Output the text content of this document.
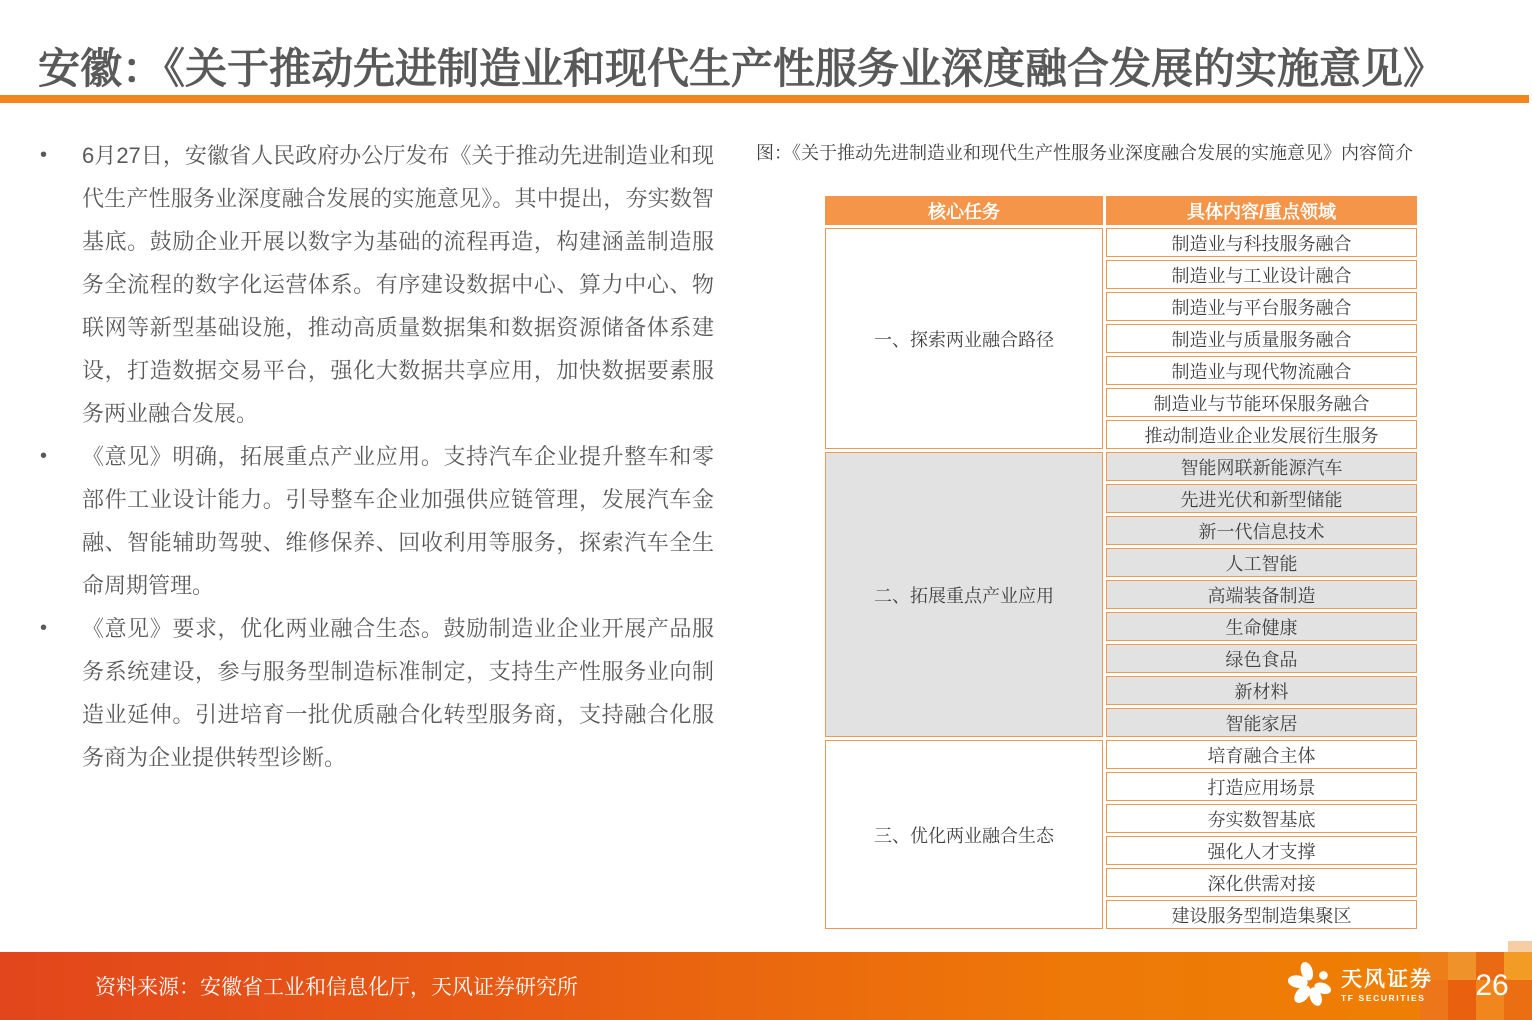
安徽：《关于推动先进制造业和现代生产性服务业深度融合发展的实施意见》
•	6月27日，安徽省人民政府办公厅发布《关于推动先进制造业和现代生产性服务业深度融合发展的实施意见》。其中提出，夯实数智基底。鼓励企业开展以数字为基础的流程再造，构建涵盖制造服务全流程的数字化运营体系。有序建设数据中心、算力中心、物联网等新型基础设施，推动高质量数据集和数据资源储备体系建设，打造数据交易平台，强化大数据共享应用，加快数据要素服务两业融合发展。
•	《意见》明确，拓展重点产业应用。支持汽车企业提升整车和零部件工业设计能力。引导整车企业加强供应链管理，发展汽车金融、智能辅助驾驶、维修保养、回收利用等服务，探索汽车全生命周期管理。
•	《意见》要求，优化两业融合生态。鼓励制造业企业开展产品服务系统建设，参与服务型制造标准制定，支持生产性服务业向制造业延伸。引进培育一批优质融合化转型服务商，支持融合化服务商为企业提供转型诊断。
图：《关于推动先进制造业和现代生产性服务业深度融合发展的实施意见》内容简介
核心任务	具体内容/重点领域
一、探索两业融合路径	制造业与科技服务融合
	制造业与工业设计融合
	制造业与平台服务融合
	制造业与质量服务融合
	制造业与现代物流融合
	制造业与节能环保服务融合
	推动制造业企业发展衍生服务
二、拓展重点产业应用	智能网联新能源汽车
	先进光伏和新型储能
	新一代信息技术
	人工智能
	高端装备制造
	生命健康
	绿色食品
	新材料
	智能家居
三、优化两业融合生态	培育融合主体
	打造应用场景
	夯实数智基底
	强化人才支撑
	深化供需对接
	建设服务型制造集聚区
资料来源：安徽省工业和信息化厅，天风证券研究所	天风证券
TF SECURITIES	26
